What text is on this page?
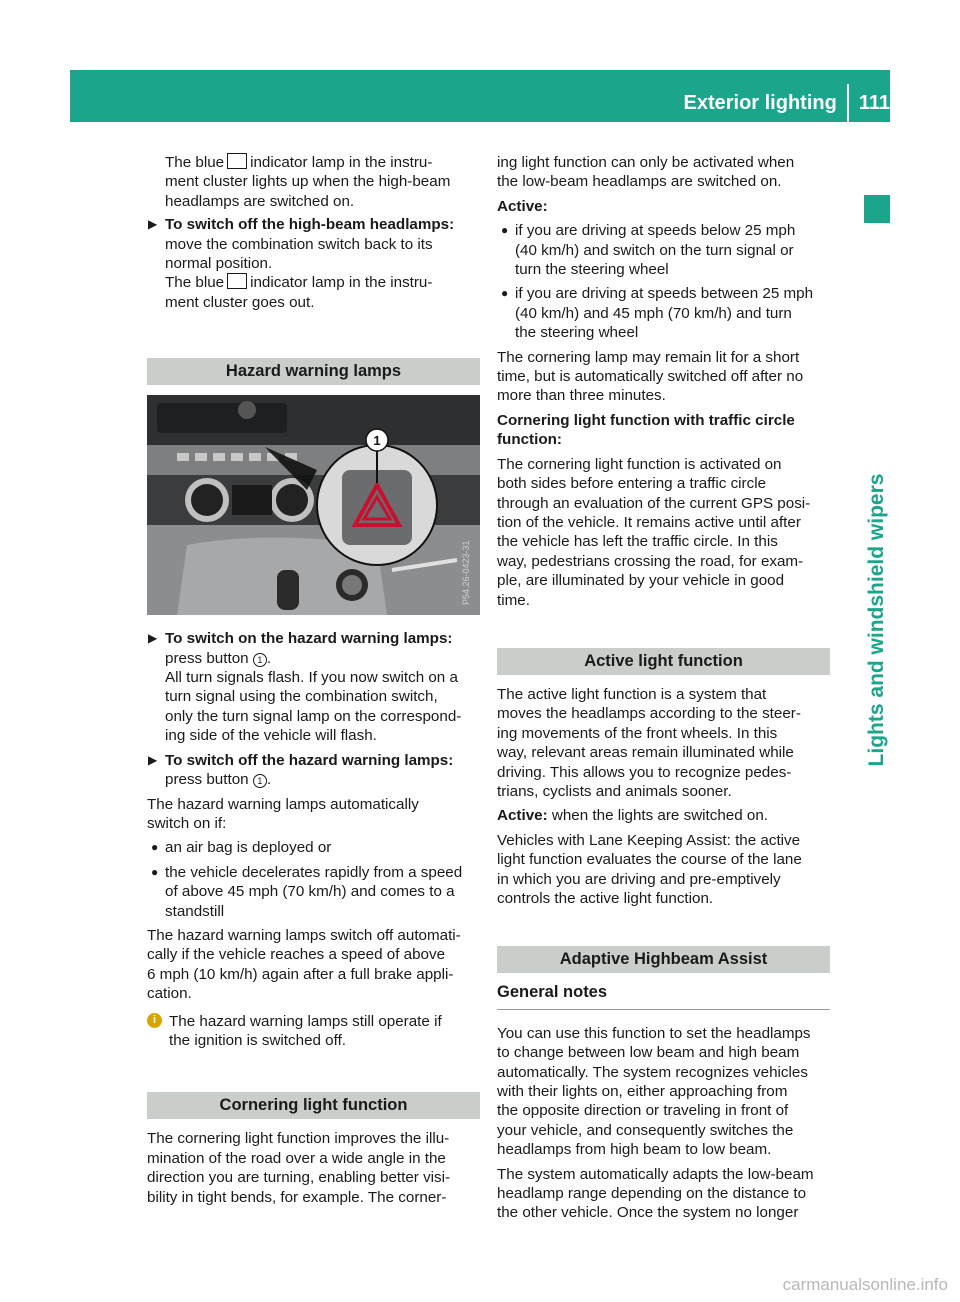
Exterior lighting 111
Lights and windshield wipers
The blue indicator lamp in the instru-
ment cluster lights up when the high-beam
headlamps are switched on.
▶ To switch off the high-beam headlamps:
move the combination switch back to its
normal position.
The blue indicator lamp in the instru-
ment cluster goes out.
Hazard warning lamps
1
P54.26-0423-31
▶ To switch on the hazard warning lamps:
press button 1 .
All turn signals flash. If you now switch on a
turn signal using the combination switch,
only the turn signal lamp on the correspond-
ing side of the vehicle will flash.
▶ To switch off the hazard warning lamps:
press button 1 .

The hazard warning lamps automatically
switch on if:

● an air bag is deployed or
● the vehicle decelerates rapidly from a speed
of above 45 mph (70 km/h) and comes to a
standstill

The hazard warning lamps switch off automati-
cally if the vehicle reaches a speed of above
6 mph (10 km/h) again after a full brake appli-
cation.

i The hazard warning lamps still operate if
the ignition is switched off.
Cornering light function

The cornering light function improves the illu-
mination of the road over a wide angle in the
direction you are turning, enabling better visi-
bility in tight bends, for example. The corner-

ing light function can only be activated when
the low-beam headlamps are switched on.

Active:

● if you are driving at speeds below 25 mph
(40 km/h) and switch on the turn signal or
turn the steering wheel
● if you are driving at speeds between 25 mph
(40 km/h) and 45 mph (70 km/h) and turn
the steering wheel

The cornering lamp may remain lit for a short
time, but is automatically switched off after no
more than three minutes.

Cornering light function with traffic circle
function:

The cornering light function is activated on
both sides before entering a traffic circle
through an evaluation of the current GPS posi-
tion of the vehicle. It remains active until after
the vehicle has left the traffic circle. In this
way, pedestrians crossing the road, for exam-
ple, are illuminated by your vehicle in good
time.

Active light function

The active light function is a system that
moves the headlamps according to the steer-
ing movements of the front wheels. In this
way, relevant areas remain illuminated while
driving. This allows you to recognize pedes-
trians, cyclists and animals sooner.

Active: when the lights are switched on.

Vehicles with Lane Keeping Assist: the active
light function evaluates the course of the lane
in which you are driving and pre-emptively
controls the active light function.

Adaptive Highbeam Assist
General notes

You can use this function to set the headlamps
to change between low beam and high beam
automatically. The system recognizes vehicles
with their lights on, either approaching from
the opposite direction or traveling in front of
your vehicle, and consequently switches the
headlamps from high beam to low beam.

The system automatically adapts the low-beam
headlamp range depending on the distance to
the other vehicle. Once the system no longer

carmanualsonline.info
